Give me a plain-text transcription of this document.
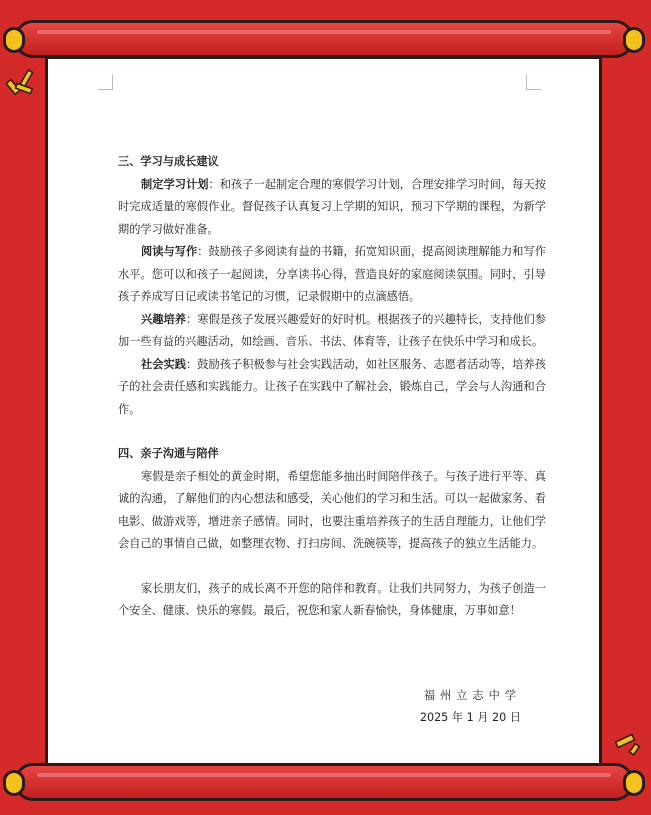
三、学习与成长建议

制定学习计划：和孩子一起制定合理的寒假学习计划，合理安排学习时间，每天按时完成适量的寒假作业。督促孩子认真复习上学期的知识，预习下学期的课程，为新学期的学习做好准备。

阅读与写作：鼓励孩子多阅读有益的书籍，拓宽知识面，提高阅读理解能力和写作水平。您可以和孩子一起阅读，分享读书心得，营造良好的家庭阅读氛围。同时，引导孩子养成写日记或读书笔记的习惯，记录假期中的点滴感悟。

兴趣培养：寒假是孩子发展兴趣爱好的好时机。根据孩子的兴趣特长，支持他们参加一些有益的兴趣活动，如绘画、音乐、书法、体育等，让孩子在快乐中学习和成长。

社会实践：鼓励孩子积极参与社会实践活动，如社区服务、志愿者活动等，培养孩子的社会责任感和实践能力。让孩子在实践中了解社会，锻炼自己，学会与人沟通和合作。

四、亲子沟通与陪伴

寒假是亲子相处的黄金时期，希望您能多抽出时间陪伴孩子。与孩子进行平等、真诚的沟通，了解他们的内心想法和感受，关心他们的学习和生活。可以一起做家务、看电影、做游戏等，增进亲子感情。同时，也要注重培养孩子的生活自理能力，让他们学会自己的事情自己做，如整理衣物、打扫房间、洗碗筷等，提高孩子的独立生活能力。

家长朋友们，孩子的成长离不开您的陪伴和教育。让我们共同努力，为孩子创造一个安全、健康、快乐的寒假。最后，祝您和家人新春愉快，身体健康，万事如意！

福州立志中学
2025 年 1 月 20 日
